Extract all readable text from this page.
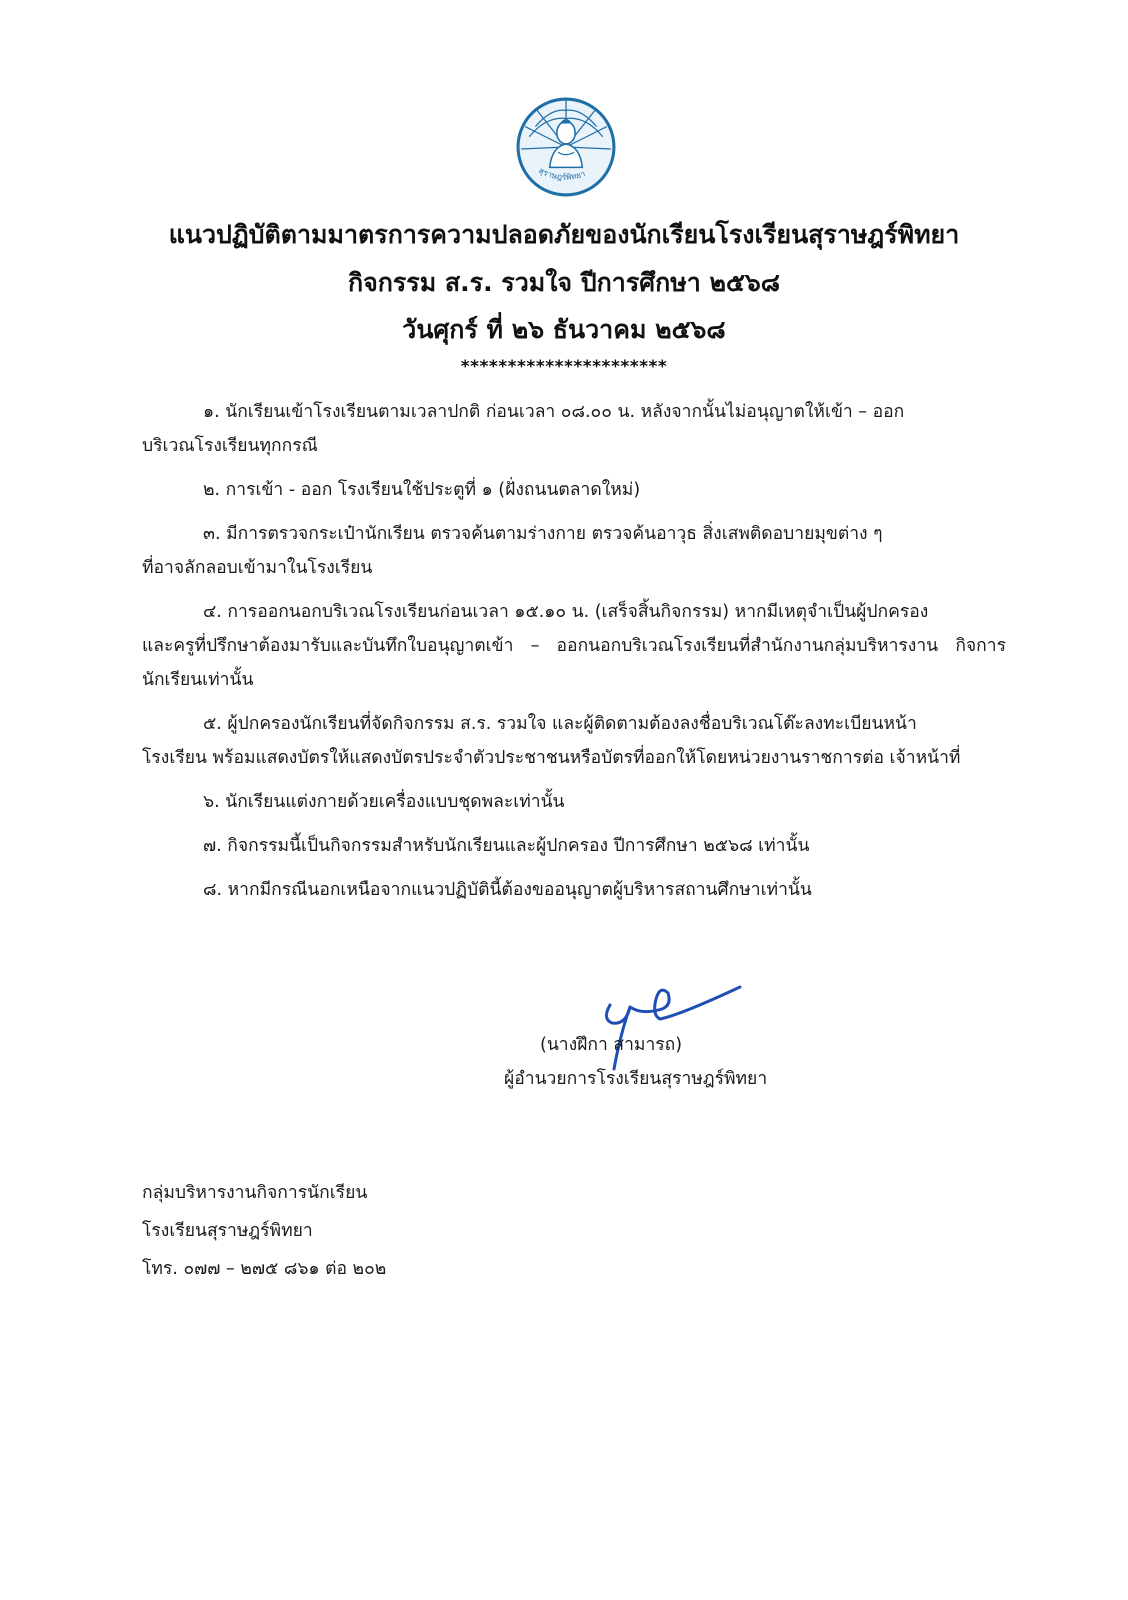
สุราษฎร์พิทยา
แนวปฏิบัติตามมาตรการความปลอดภัยของนักเรียนโรงเรียนสุราษฎร์พิทยา
กิจกรรม ส.ร. รวมใจ ปีการศึกษา ๒๕๖๘
วันศุกร์ ที่ ๒๖ ธันวาคม ๒๕๖๘
**********************
๑. นักเรียนเข้าโรงเรียนตามเวลาปกติ ก่อนเวลา ๐๘.๐๐ น. หลังจากนั้นไม่อนุญาตให้เข้า – ออก
บริเวณโรงเรียนทุกกรณี
๒. การเข้า - ออก โรงเรียนใช้ประตูที่ ๑ (ฝั่งถนนตลาดใหม่)
๓. มีการตรวจกระเป๋านักเรียน ตรวจค้นตามร่างกาย ตรวจค้นอาวุธ สิ่งเสพติดอบายมุขต่าง ๆ
ที่อาจลักลอบเข้ามาในโรงเรียน
๔. การออกนอกบริเวณโรงเรียนก่อนเวลา ๑๕.๑๐ น. (เสร็จสิ้นกิจกรรม) หากมีเหตุจำเป็นผู้ปกครอง
และครูที่ปรึกษาต้องมารับและบันทึกใบอนุญาตเข้า – ออกนอกบริเวณโรงเรียนที่สำนักงานกลุ่มบริหารงาน กิจการนักเรียนเท่านั้น
๕. ผู้ปกครองนักเรียนที่จัดกิจกรรม ส.ร. รวมใจ และผู้ติดตามต้องลงชื่อบริเวณโต๊ะลงทะเบียนหน้า
โรงเรียน พร้อมแสดงบัตรให้แสดงบัตรประจำตัวประชาชนหรือบัตรที่ออกให้โดยหน่วยงานราชการต่อ เจ้าหน้าที่
๖. นักเรียนแต่งกายด้วยเครื่องแบบชุดพละเท่านั้น
๗. กิจกรรมนี้เป็นกิจกรรมสำหรับนักเรียนและผู้ปกครอง ปีการศึกษา ๒๕๖๘ เท่านั้น
๘. หากมีกรณีนอกเหนือจากแนวปฏิบัตินี้ต้องขออนุญาตผู้บริหารสถานศึกษาเท่านั้น
(นางฝึกา สามารถ)
ผู้อำนวยการโรงเรียนสุราษฎร์พิทยา
กลุ่มบริหารงานกิจการนักเรียน
โรงเรียนสุราษฎร์พิทยา
โทร. ๐๗๗ – ๒๗๕ ๘๖๑ ต่อ ๒๐๒
